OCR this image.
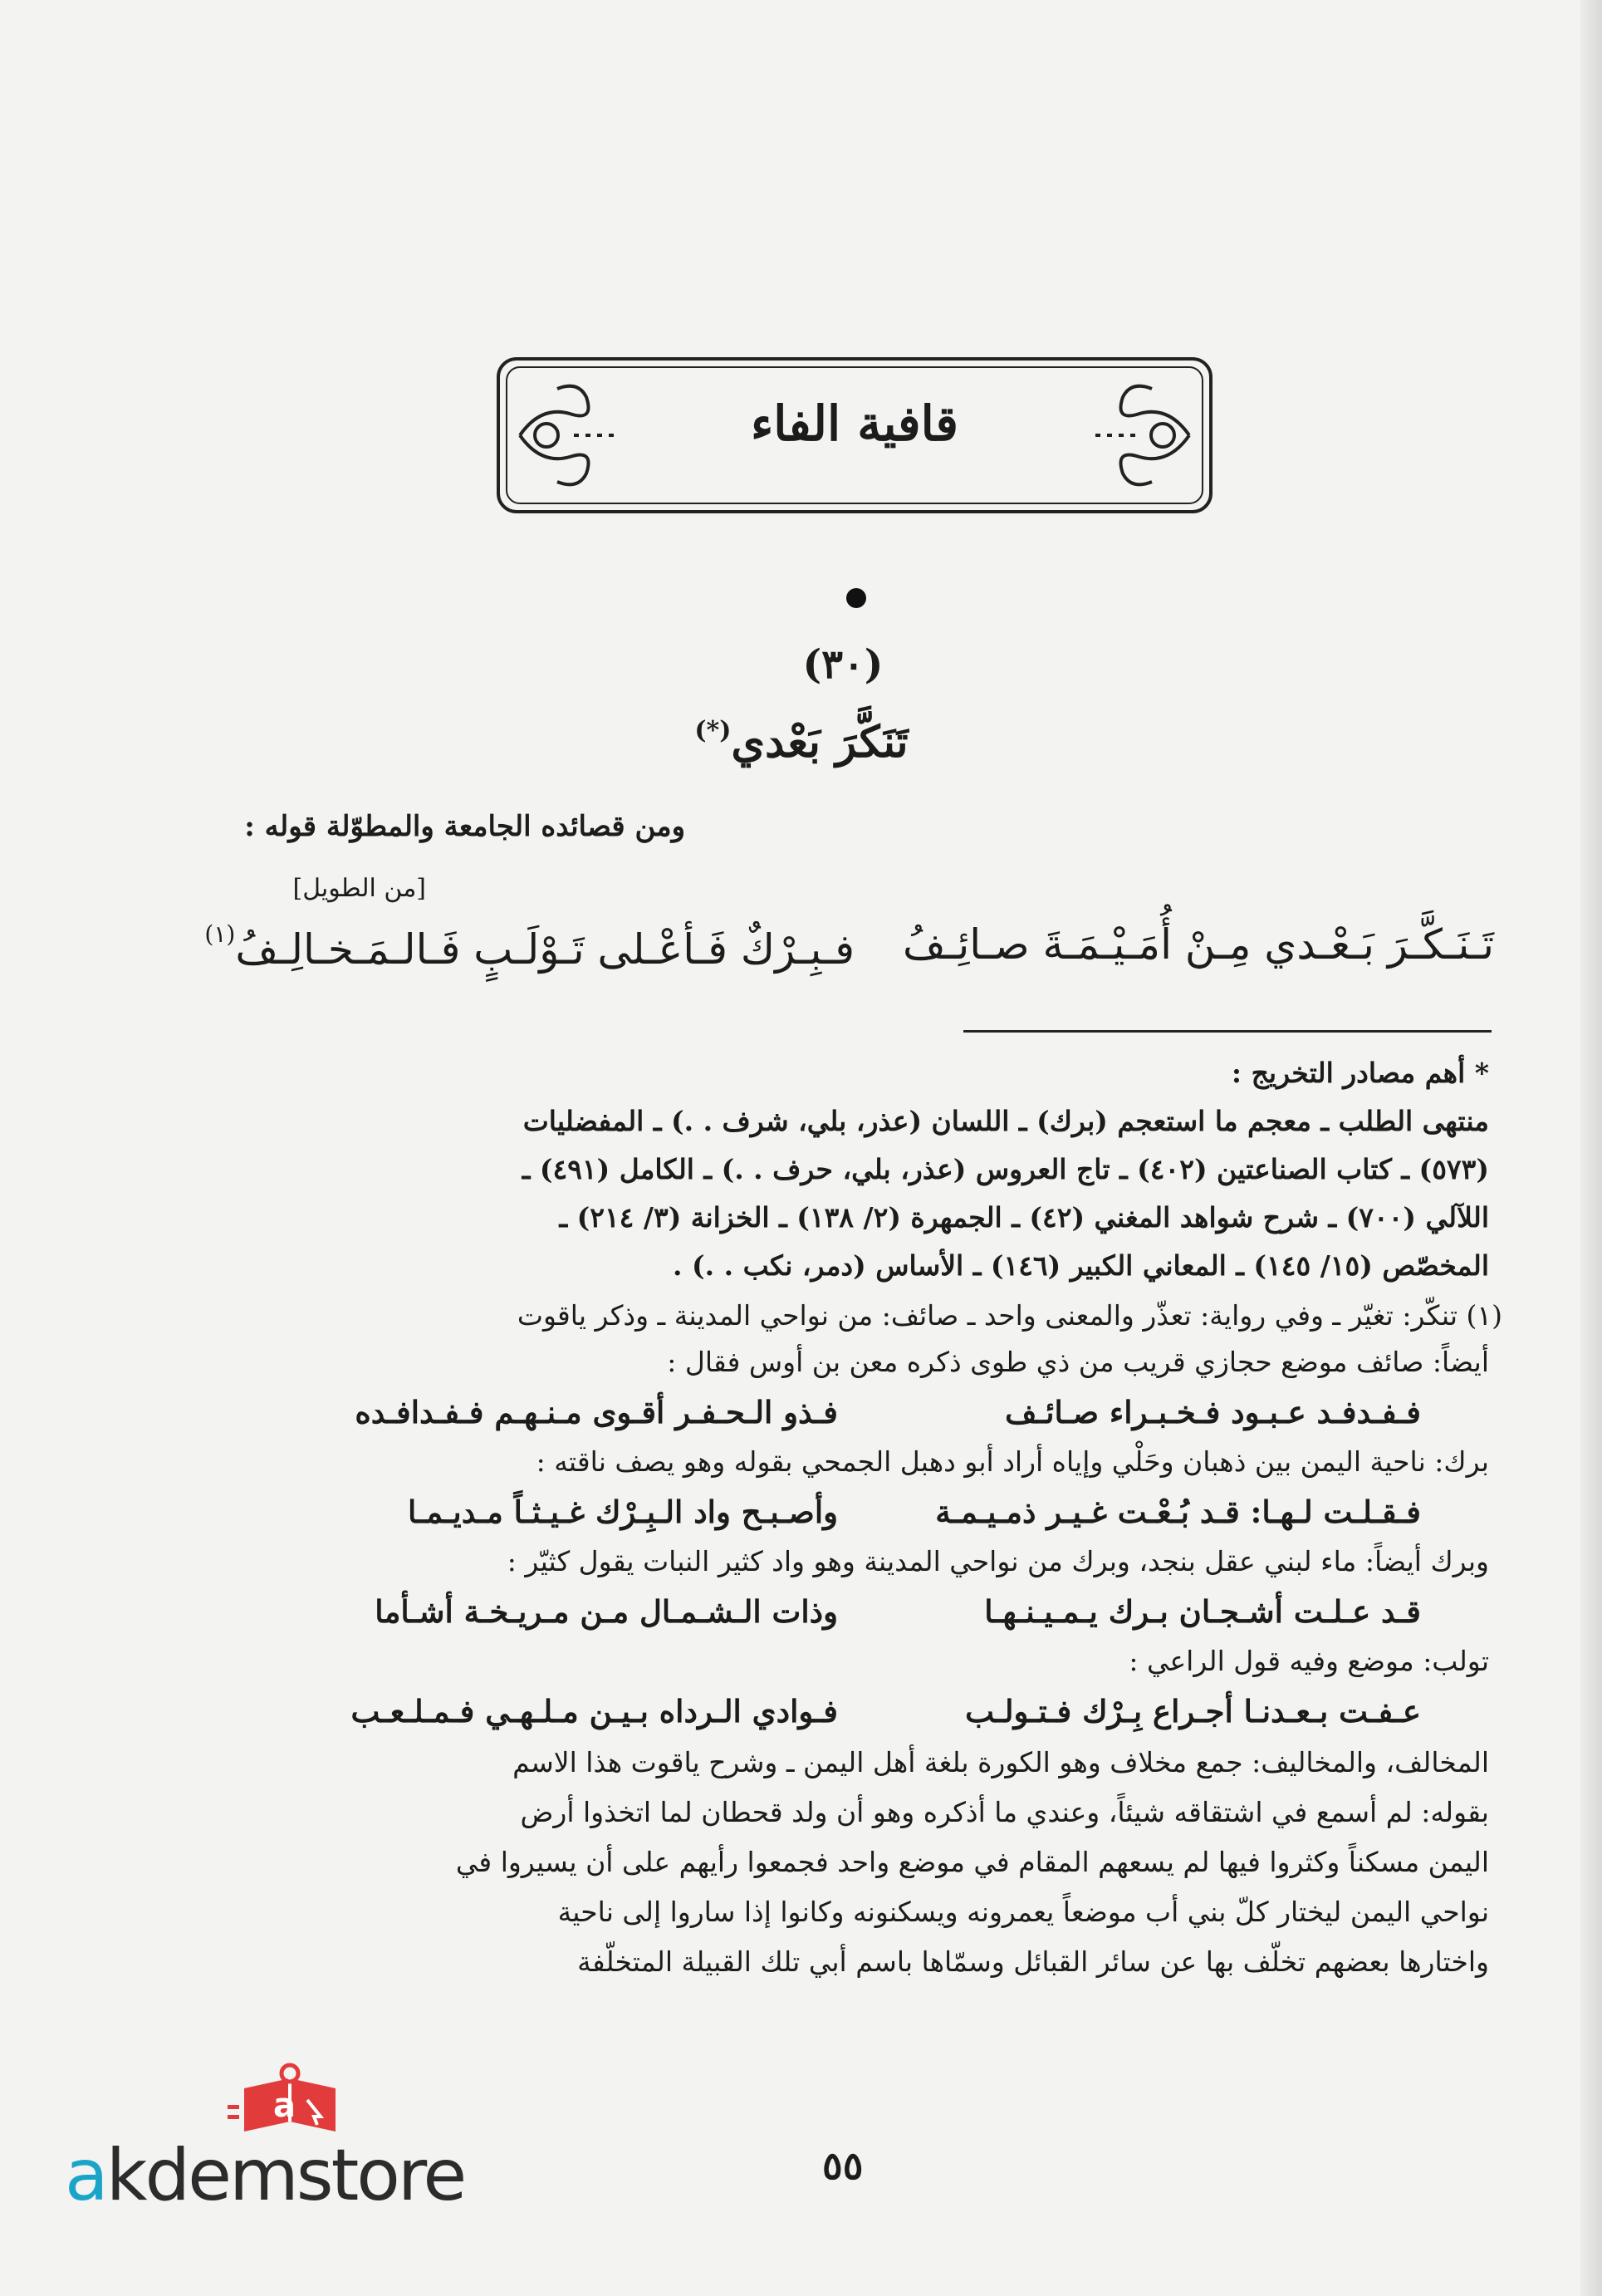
قافية الفاء
(٣٠)
تَنَكَّرَ بَعْدي(*)
ومن قصائده الجامعة والمطوّلة قوله :
[من الطويل]
تَـنَـكَّـرَ بَـعْـدي مِـنْ أُمَـيْـمَـةَ صـائِـفُ
فـبِـرْكٌ فَـأعْـلى تَـوْلَـبٍ فَـالـمَـخـالِـفُ$^{(١)}$
* أهم مصادر التخريج :
منتهى الطلب ـ معجم ما استعجم (برك) ـ اللسان (عذر، بلي، شرف . .) ـ المفضليات
(٥٧٣) ـ كتاب الصناعتين (٤٠٢) ـ تاج العروس (عذر، بلي، حرف . .) ـ الكامل (٤٩١) ـ
اللآلي (٧٠٠) ـ شرح شواهد المغني (٤٢) ـ الجمهرة (٢/ ١٣٨) ـ الخزانة (٣/ ٢١٤) ـ
المخصّص (١٥/ ١٤٥) ـ المعاني الكبير (١٤٦) ـ الأساس (دمر، نكب . .) .
(١) تنكّر: تغيّر ـ وفي رواية: تعذّر والمعنى واحد ـ صائف: من نواحي المدينة ـ وذكر ياقوت
أيضاً: صائف موضع حجازي قريب من ذي طوى ذكره معن بن أوس فقال :
فـفـدفـد عـبـود فـخـبـراء صـائـف
فـذو الـحـفـر أقـوى مـنـهـم فـفـدافـده
برك: ناحية اليمن بين ذهبان وحَلْي وإياه أراد أبو دهبل الجمحي بقوله وهو يصف ناقته :
فـقـلـت لـهـا: قـد بُـعْـت غـيـر ذمـيـمـة
وأصـبـح واد الـبِـرْك غـيـثـاً مـديـمـا
وبرك أيضاً: ماء لبني عقل بنجد، وبرك من نواحي المدينة وهو واد كثير النبات يقول كثيّر :
قـد عـلـت أشـجـان بـرك يـمـيـنـهـا
وذات الـشـمـال مـن مـريـخـة أشـأما
تولب: موضع وفيه قول الراعي :
عـفـت بـعـدنـا أجـراع بِـرْك فـتـولـب
فـوادي الـرداه بـيـن مـلـهـي فـمـلـعـب
المخالف، والمخاليف: جمع مخلاف وهو الكورة بلغة أهل اليمن ـ وشرح ياقوت هذا الاسم
بقوله: لم أسمع في اشتقاقه شيئاً، وعندي ما أذكره وهو أن ولد قحطان لما اتخذوا أرض
اليمن مسكناً وكثروا فيها لم يسعهم المقام في موضع واحد فجمعوا رأيهم على أن يسيروا في
نواحي اليمن ليختار كلّ بني أب موضعاً يعمرونه ويسكنونه وكانوا إذا ساروا إلى ناحية
واختارها بعضهم تخلّف بها عن سائر القبائل وسمّاها باسم أبي تلك القبيلة المتخلّفة
٥٥
a
akdemstore
